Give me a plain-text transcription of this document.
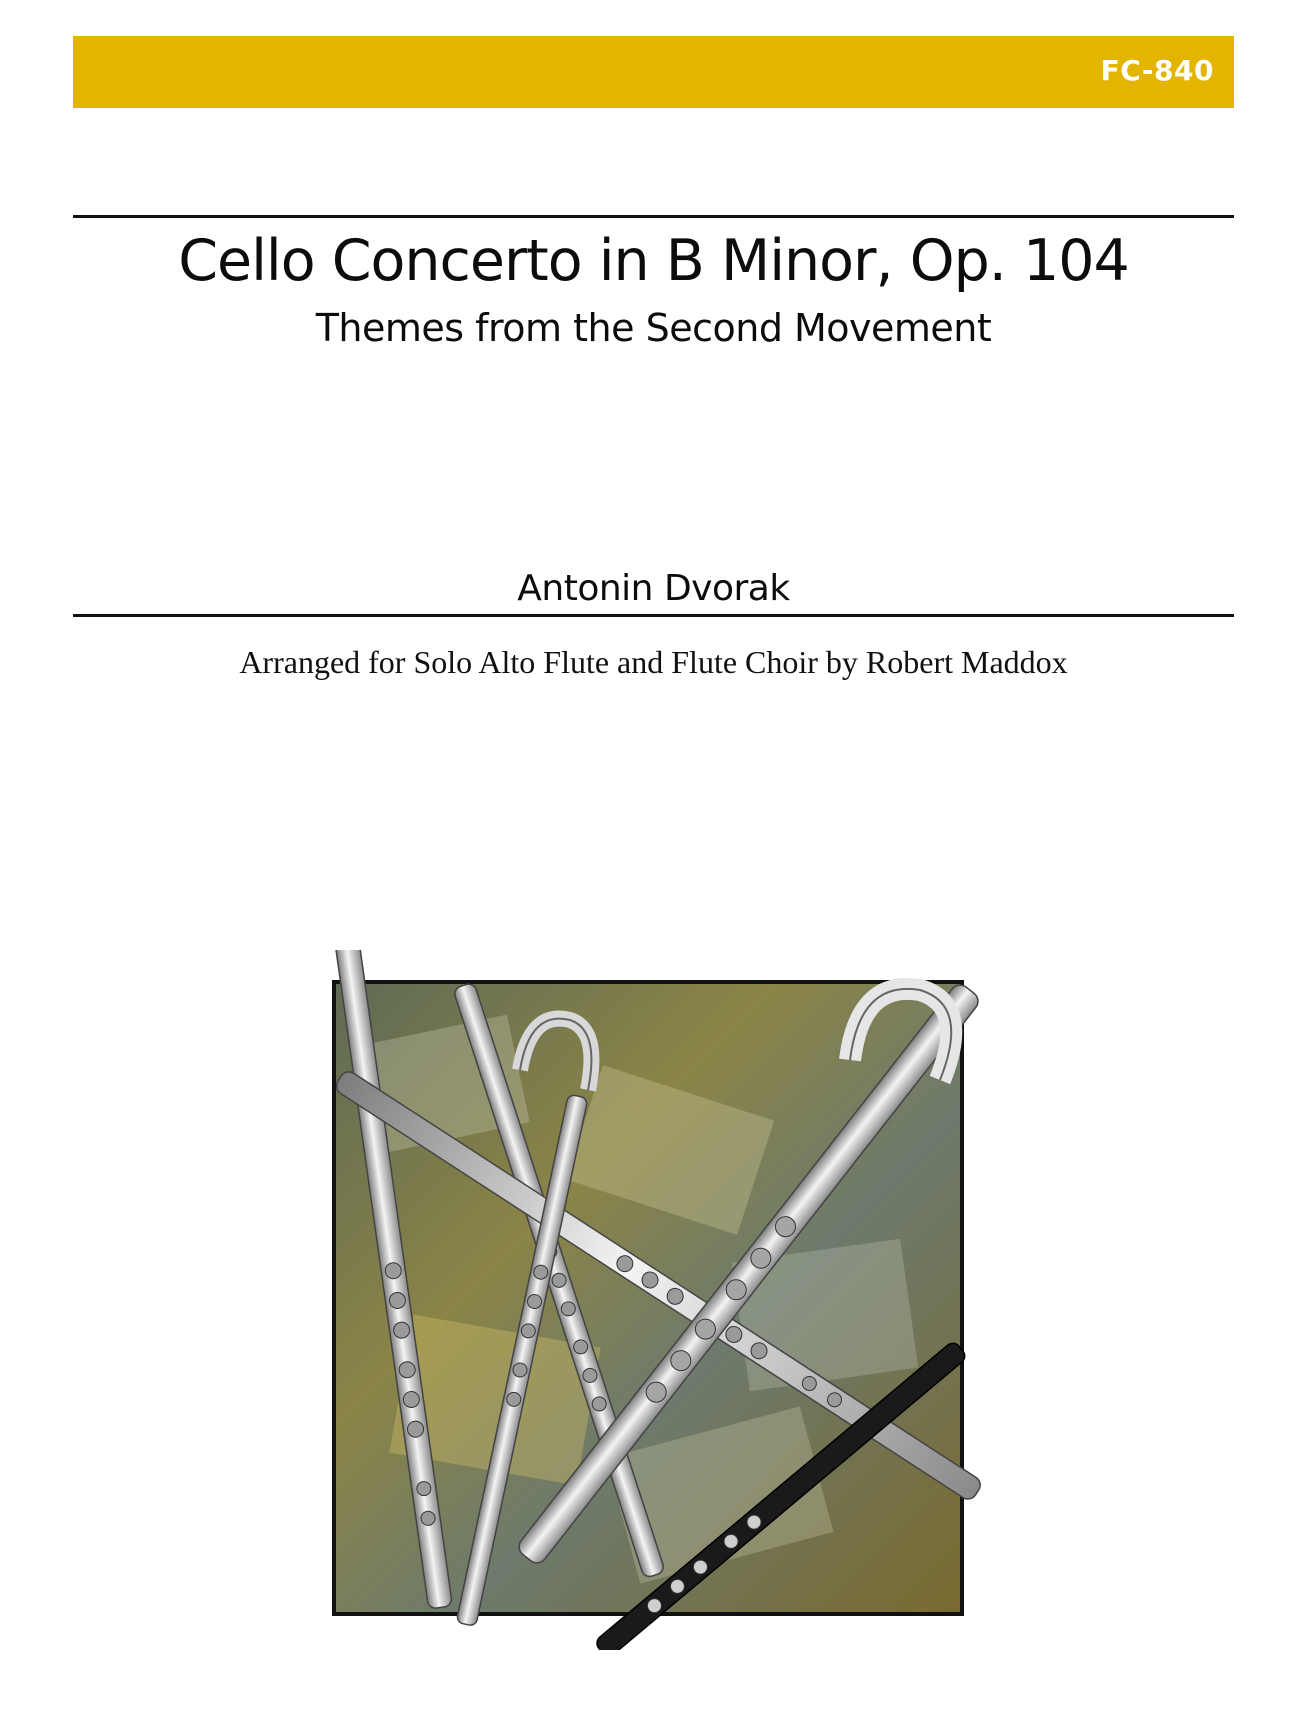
FC-840
Cello Concerto in B Minor, Op. 104
Themes from the Second Movement
Antonin Dvorak
Arranged for Solo Alto Flute and Flute Choir by Robert Maddox
